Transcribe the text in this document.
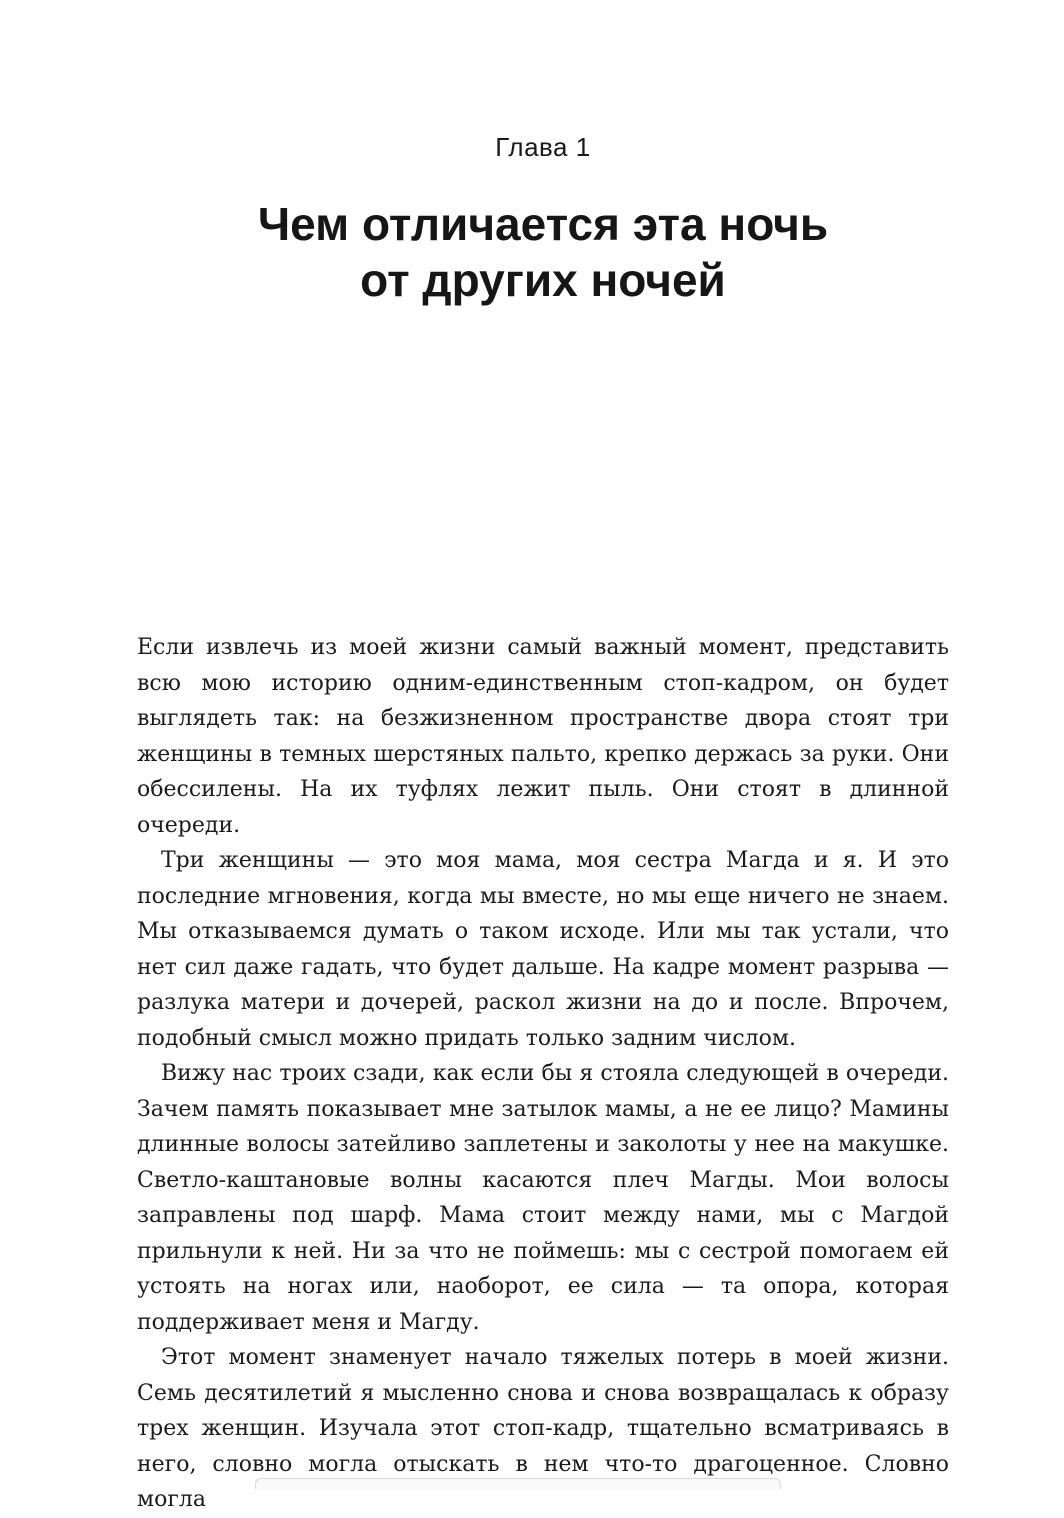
Глава 1
Чем отличается эта ночь
от других ночей

Если извлечь из моей жизни самый важный момент, представить всю мою историю одним-единственным стоп-кадром, он будет выглядеть так: на безжизненном пространстве двора стоят три женщины в темных шерстяных пальто, крепко держась за руки. Они обессилены. На их туфлях лежит пыль. Они стоят в длинной очереди.

Три женщины — это моя мама, моя сестра Магда и я. И это последние мгновения, когда мы вместе, но мы еще ничего не знаем. Мы отказываемся думать о таком исходе. Или мы так устали, что нет сил даже гадать, что будет дальше. На кадре момент разрыва — разлука матери и дочерей, раскол жизни на до и после. Впрочем, подобный смысл можно придать только задним числом.

Вижу нас троих сзади, как если бы я стояла следующей в очереди. Зачем память показывает мне затылок мамы, а не ее лицо? Мамины длинные волосы затейливо заплетены и заколоты у нее на макушке. Светло-каштановые волны касаются плеч Магды. Мои волосы заправлены под шарф. Мама стоит между нами, мы с Магдой прильнули к ней. Ни за что не поймешь: мы с сестрой помогаем ей устоять на ногах или, наоборот, ее сила — та опора, которая поддерживает меня и Магду.

Этот момент знаменует начало тяжелых потерь в моей жизни. Семь десятилетий я мысленно снова и снова возвращалась к образу трех женщин. Изучала этот стоп-кадр, тщательно всматриваясь в него, словно могла отыскать в нем что-то драгоценное. Словно могла
